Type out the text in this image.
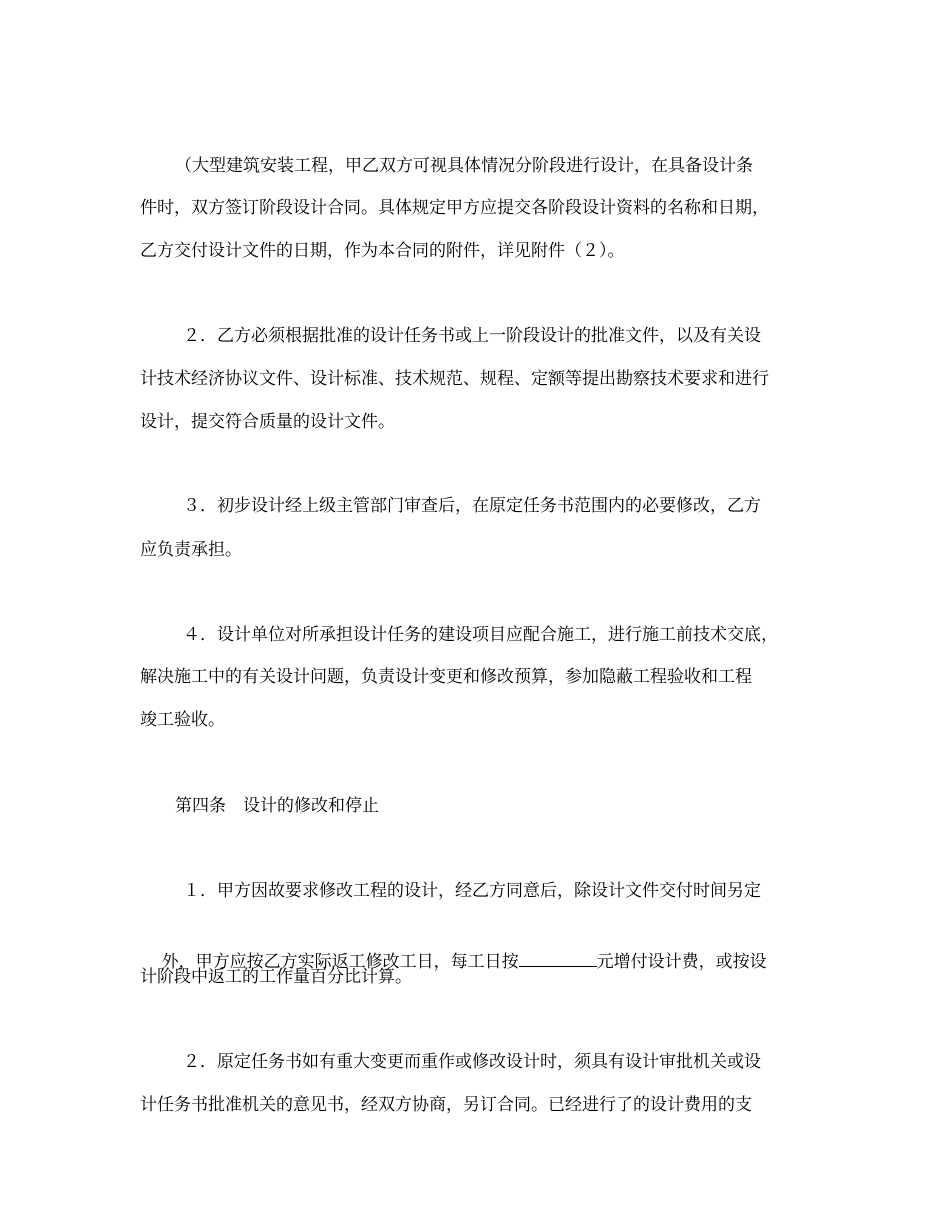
（大型建筑安装工程，甲乙双方可视具体情况分阶段进行设计，在具备设计条
件时，双方签订阶段设计合同。具体规定甲方应提交各阶段设计资料的名称和日期，
乙方交付设计文件的日期，作为本合同的附件，详见附件（２）。
２．乙方必须根据批准的设计任务书或上一阶段设计的批准文件，以及有关设
计技术经济协议文件、设计标准、技术规范、规程、定额等提出勘察技术要求和进行
设计，提交符合质量的设计文件。
３．初步设计经上级主管部门审查后，在原定任务书范围内的必要修改，乙方
应负责承担。
４．设计单位对所承担设计任务的建设项目应配合施工，进行施工前技术交底，
解决施工中的有关设计问题，负责设计变更和修改预算，参加隐蔽工程验收和工程
竣工验收。
第四条　设计的修改和停止
１．甲方因故要求修改工程的设计，经乙方同意后，除设计文件交付时间另定

外，甲方应按乙方实际返工修改工日，每工日按	元增付设计费，或按设

计阶段中返工的工作量百分比计算。
２．原定任务书如有重大变更而重作或修改设计时，须具有设计审批机关或设
计任务书批准机关的意见书，经双方协商，另订合同。已经进行了的设计费用的支
